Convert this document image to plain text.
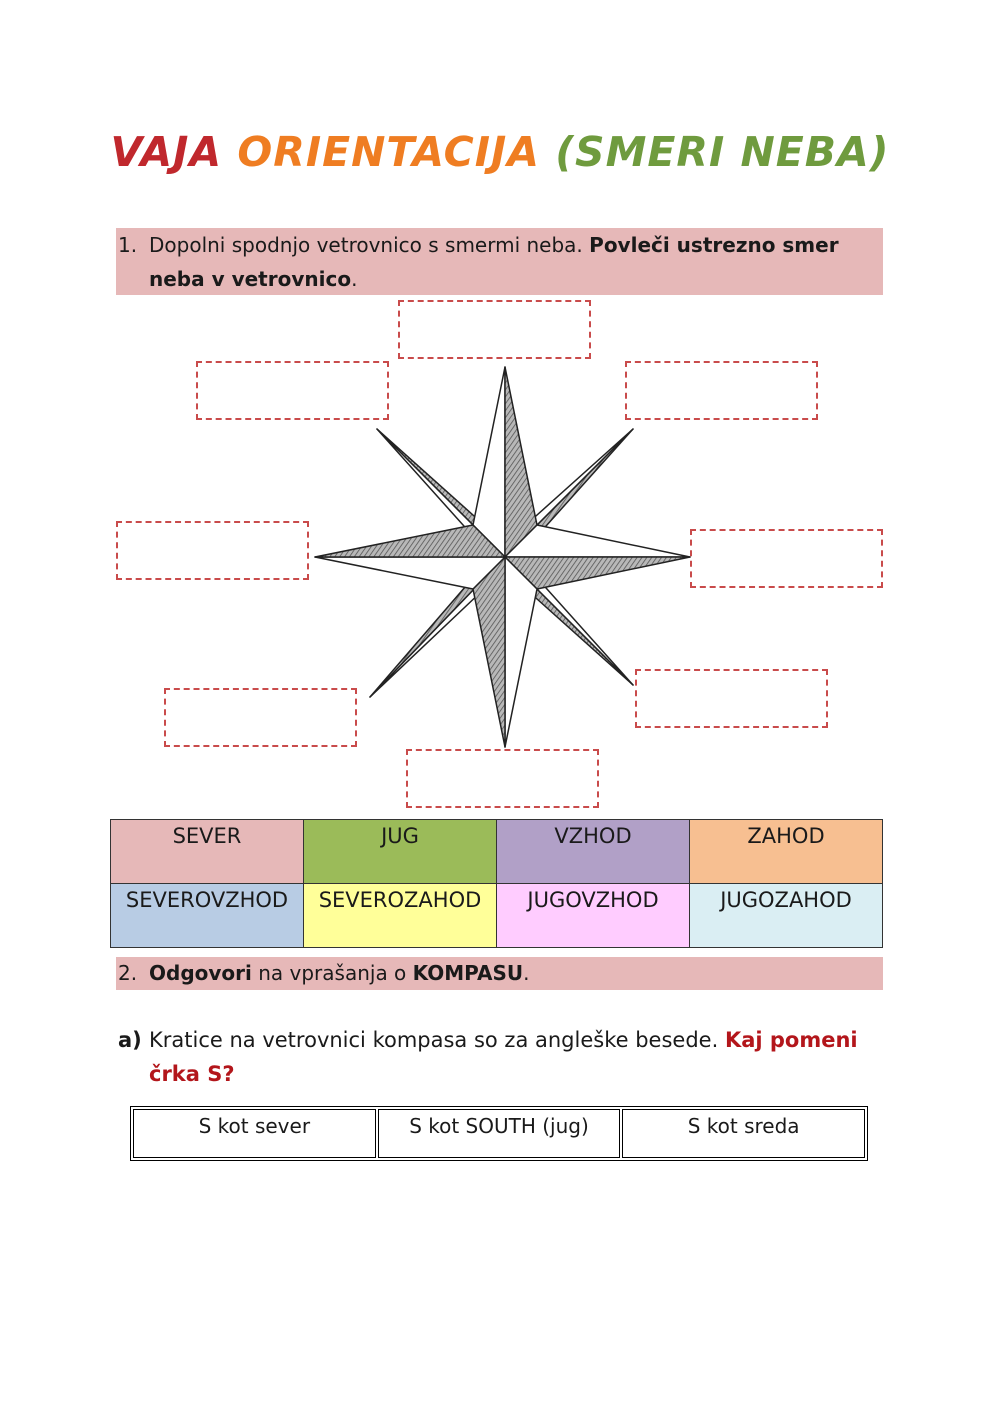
VAJA ORIENTACIJA (SMERI NEBA)
1. Dopolni spodnjo vetrovnico s smermi neba. Povleči ustrezno smer neba v vetrovnico.
SEVER	JUG	VZHOD	ZAHOD
SEVEROVZHOD	SEVEROZAHOD	JUGOVZHOD	JUGOZAHOD
2. Odgovori na vprašanja o KOMPASU.
a) Kratice na vetrovnici kompasa so za angleške besede. Kaj pomeni črka S?
S kot sever	S kot SOUTH (jug)	S kot sreda
